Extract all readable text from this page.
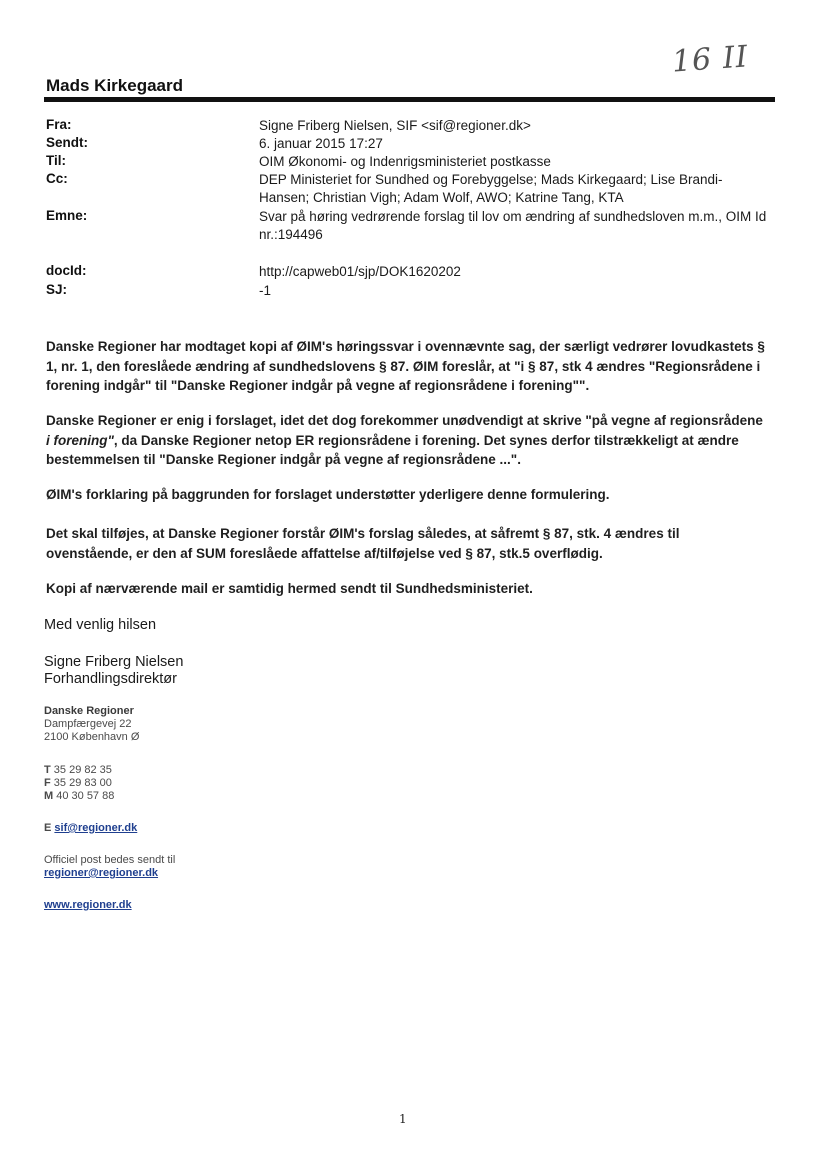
16 II
Mads Kirkegaard
Fra:	Signe Friberg Nielsen, SIF <sif@regioner.dk>
Sendt:	6. januar 2015 17:27
Til:	OIM Økonomi- og Indenrigsministeriet postkasse
Cc:	DEP Ministeriet for Sundhed og Forebyggelse; Mads Kirkegaard; Lise Brandi-Hansen; Christian Vigh; Adam Wolf, AWO; Katrine Tang, KTA
Emne:	Svar på høring vedrørende forslag til lov om ændring af sundhedsloven m.m., OIM Id nr.:194496
docId:	http://capweb01/sjp/DOK1620202
SJ:	-1
Danske Regioner har modtaget kopi af ØIM's høringssvar i ovennævnte sag, der særligt vedrører lovudkastets § 1, nr. 1, den foreslåede ændring af sundhedslovens § 87. ØIM foreslår, at "i § 87, stk 4 ændres "Regionsrådene i forening indgår" til "Danske Regioner indgår på vegne af regionsrådene i forening"".
Danske Regioner er enig i forslaget, idet det dog forekommer unødvendigt at skrive "på vegne af regionsrådene i forening", da Danske Regioner netop ER regionsrådene i forening. Det synes derfor tilstrækkeligt at ændre bestemmelsen til "Danske Regioner indgår på vegne af regionsrådene ...".
ØIM's forklaring på baggrunden for forslaget understøtter yderligere denne formulering.
Det skal tilføjes, at Danske Regioner forstår ØIM's forslag således, at såfremt § 87, stk. 4 ændres til ovenstående, er den af SUM foreslåede affattelse af/tilføjelse ved § 87, stk.5 overflødig.
Kopi af nærværende mail er samtidig hermed sendt til Sundhedsministeriet.
Med venlig hilsen
Signe Friberg Nielsen
Forhandlingsdirektør
Danske Regioner
Dampfærgevej 22
2100 København Ø
T 35 29 82 35
F 35 29 83 00
M 40 30 57 88
E sif@regioner.dk
Officiel post bedes sendt til
regioner@regioner.dk
www.regioner.dk
1
